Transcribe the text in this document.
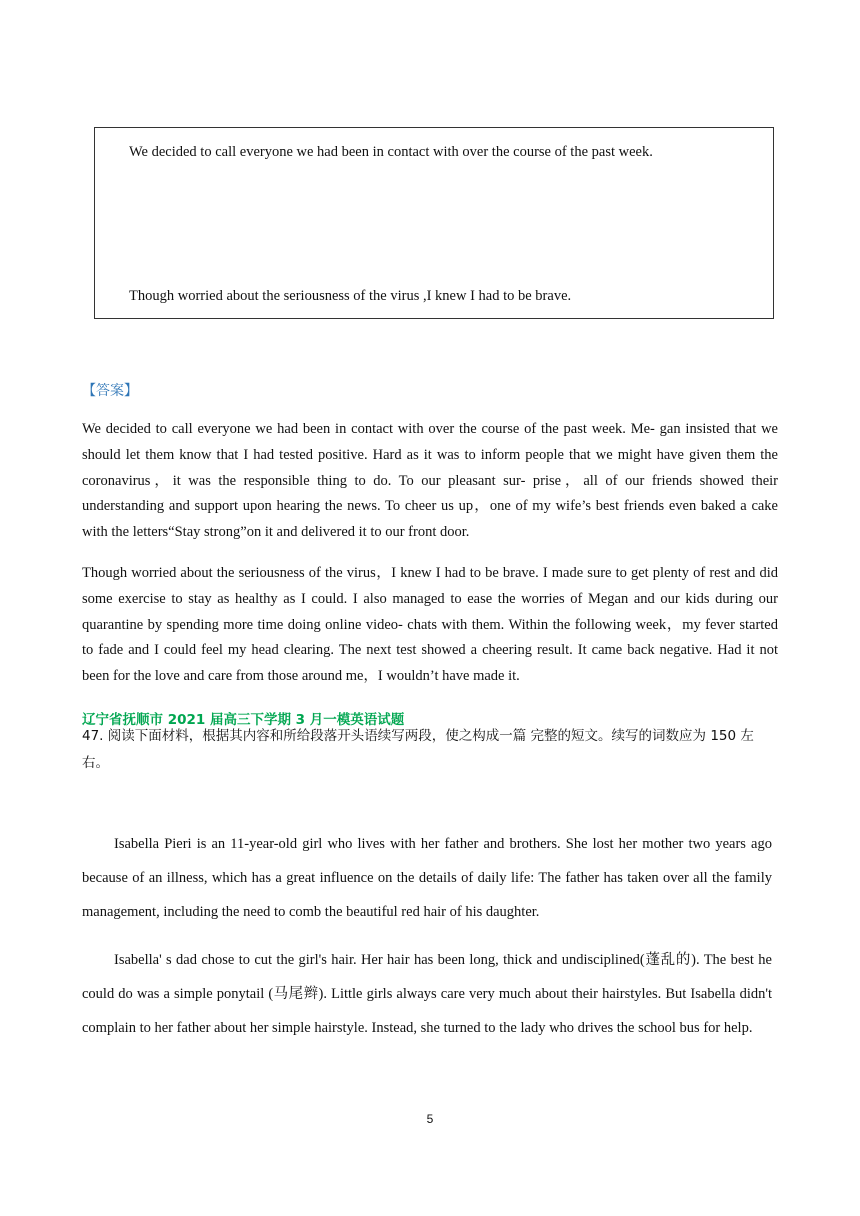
We decided to call everyone we had been in contact with over the course of the past week.
Though worried about the seriousness of the virus ,I knew I had to be brave.
【答案】

We decided to call everyone we had been in contact with over the course of the past week. Me- gan insisted that we should let them know that I had tested positive. Hard as it was to inform people that we might have given them the coronavirus，it was the responsible thing to do. To our pleasant sur- prise，all of our friends showed their understanding and support upon hearing the news. To cheer us up，one of my wife’s best friends even baked a cake with the letters“Stay strong”on it and delivered it to our front door.

Though worried about the seriousness of the virus，I knew I had to be brave. I made sure to get plenty of rest and did some exercise to stay as healthy as I could. I also managed to ease the worries of Megan and our kids during our quarantine by spending more time doing online video- chats with them. Within the following week，my fever started to fade and I could feel my head clearing. The next test showed a cheering result. It came back negative. Had it not been for the love and care from those around me，I wouldn’t have made it.

辽宁省抚顺市 2021 届高三下学期 3 月一模英语试题

47. 阅读下面材料，根据其内容和所给段落开头语续写两段，使之构成一篇 完整的短文。续写的词数应为 150 左右。

Isabella Pieri is an 11-year-old girl who lives with her father and brothers. She lost her mother two years ago because of an illness, which has a great influence on the details of daily life: The father has taken over all the family management, including the need to comb the beautiful red hair of his daughter.

Isabella' s dad chose to cut the girl's hair. Her hair has been long, thick and undisciplined(蓬乱的). The best he could do was a simple ponytail (马尾辫). Little girls always care very much about their hairstyles. But Isabella didn't complain to her father about her simple hairstyle. Instead, she turned to the lady who drives the school bus for help.

5
